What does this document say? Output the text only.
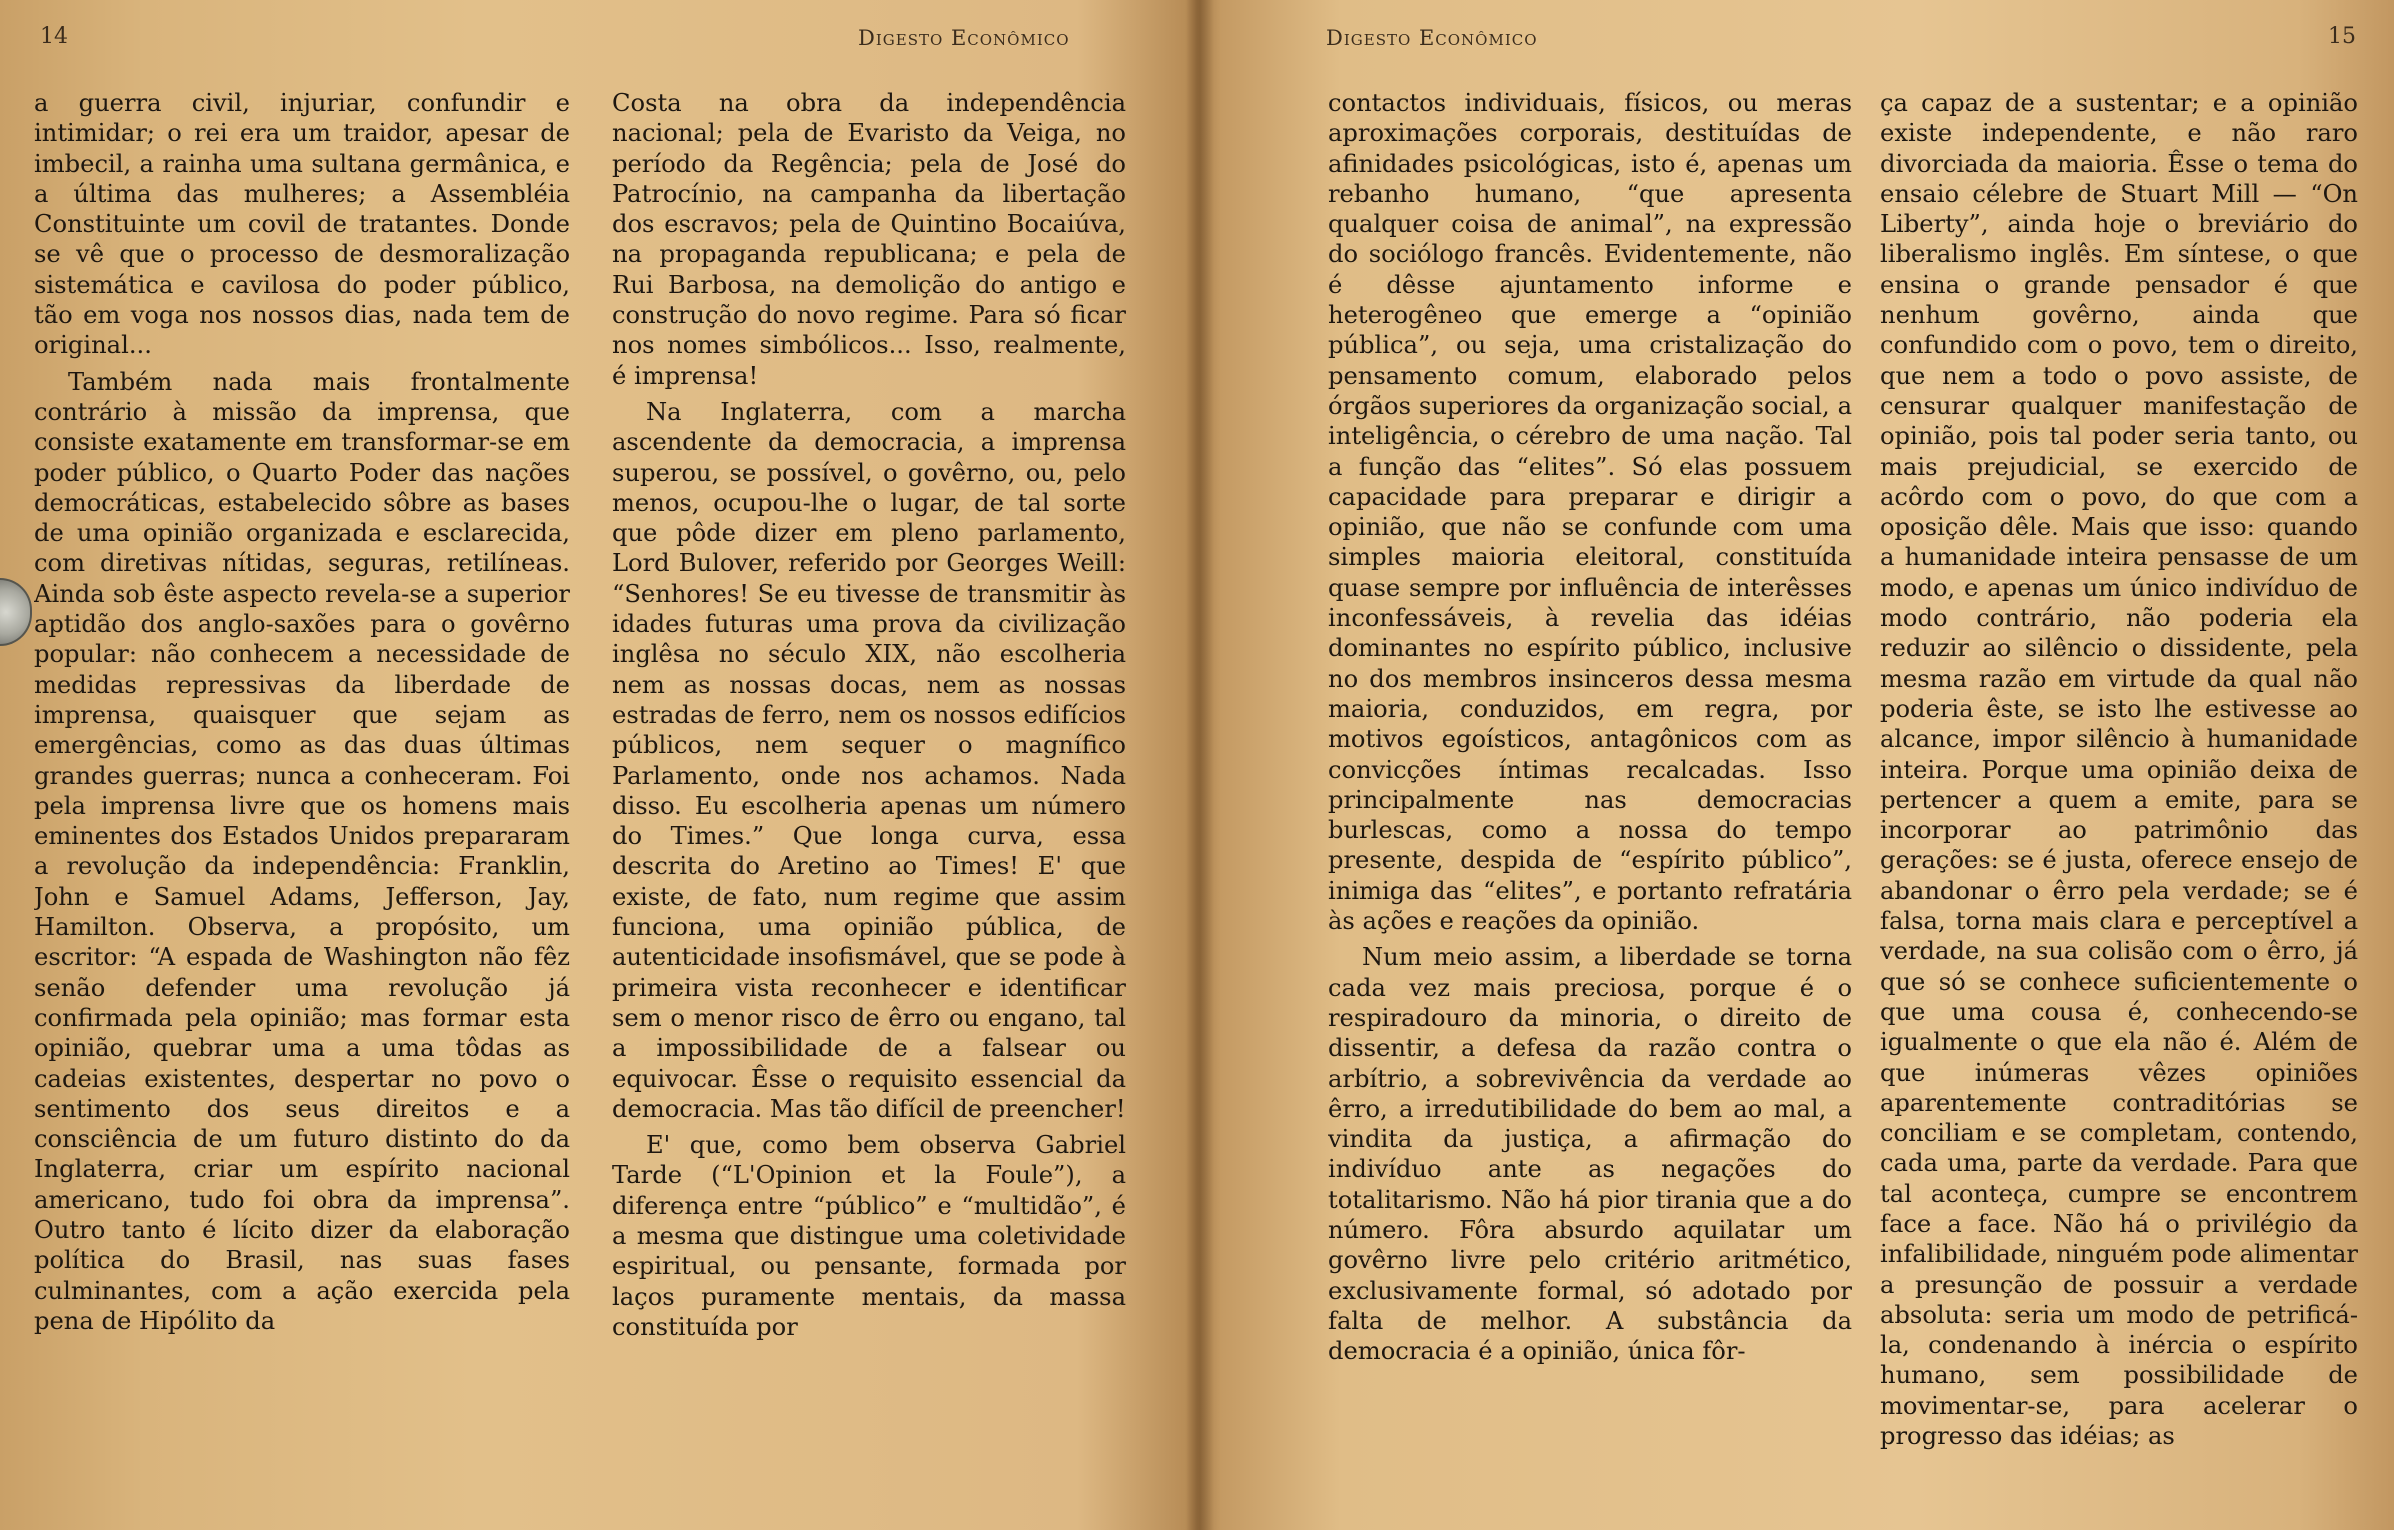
14	Digesto Econômico

a guerra civil, injuriar, confundir e intimidar; o rei era um traidor, apesar de imbecil, a rainha uma sultana germânica, e a última das mulheres; a Assembléia Constituinte um covil de tratantes. Donde se vê que o processo de desmoralização sistemática e cavilosa do poder público, tão em voga nos nossos dias, nada tem de original...

Também nada mais frontalmente contrário à missão da imprensa, que consiste exatamente em transformar-se em poder público, o Quarto Poder das nações democráticas, estabelecido sôbre as bases de uma opinião organizada e esclarecida, com diretivas nítidas, seguras, retilíneas. Ainda sob êste aspecto revela-se a superior aptidão dos anglo-saxões para o govêrno popular: não conhecem a necessidade de medidas repressivas da liberdade de imprensa, quaisquer que sejam as emergências, como as das duas últimas grandes guerras; nunca a conheceram. Foi pela imprensa livre que os homens mais eminentes dos Estados Unidos prepararam a revolução da independência: Franklin, John e Samuel Adams, Jefferson, Jay, Hamilton. Observa, a propósito, um escritor: “A espada de Washington não fêz senão defender uma revolução já confirmada pela opinião; mas formar esta opinião, quebrar uma a uma tôdas as cadeias existentes, despertar no povo o sentimento dos seus direitos e a consciência de um futuro distinto do da Inglaterra, criar um espírito nacional americano, tudo foi obra da imprensa”. Outro tanto é lícito dizer da elaboração política do Brasil, nas suas fases culminantes, com a ação exercida pela pena de Hipólito da

Costa na obra da independência nacional; pela de Evaristo da Veiga, no período da Regência; pela de José do Patrocínio, na campanha da libertação dos escravos; pela de Quintino Bocaiúva, na propaganda republicana; e pela de Rui Barbosa, na demolição do antigo e construção do novo regime. Para só ficar nos nomes simbólicos... Isso, realmente, é imprensa!

Na Inglaterra, com a marcha ascendente da democracia, a imprensa superou, se possível, o govêrno, ou, pelo menos, ocupou-lhe o lugar, de tal sorte que pôde dizer em pleno parlamento, Lord Bulover, referido por Georges Weill: “Senhores! Se eu tivesse de transmitir às idades futuras uma prova da civilização inglêsa no século XIX, não escolheria nem as nossas docas, nem as nossas estradas de ferro, nem os nossos edifícios públicos, nem sequer o magnífico Parlamento, onde nos achamos. Nada disso. Eu escolheria apenas um número do Times.” Que longa curva, essa descrita do Aretino ao Times! E' que existe, de fato, num regime que assim funciona, uma opinião pública, de autenticidade insofismável, que se pode à primeira vista reconhecer e identificar sem o menor risco de êrro ou engano, tal a impossibilidade de a falsear ou equivocar. Êsse o requisito essencial da democracia. Mas tão difícil de preencher!

E' que, como bem observa Gabriel Tarde (“L'Opinion et la Foule”), a diferença entre “público” e “multidão”, é a mesma que distingue uma coletividade espiritual, ou pensante, formada por laços puramente mentais, da massa constituída por

Digesto Econômico	15

contactos individuais, físicos, ou meras aproximações corporais, destituídas de afinidades psicológicas, isto é, apenas um rebanho humano, “que apresenta qualquer coisa de animal”, na expressão do sociólogo francês. Evidentemente, não é dêsse ajuntamento informe e heterogêneo que emerge a “opinião pública”, ou seja, uma cristalização do pensamento comum, elaborado pelos órgãos superiores da organização social, a inteligência, o cérebro de uma nação. Tal a função das “elites”. Só elas possuem capacidade para preparar e dirigir a opinião, que não se confunde com uma simples maioria eleitoral, constituída quase sempre por influência de interêsses inconfessáveis, à revelia das idéias dominantes no espírito público, inclusive no dos membros insinceros dessa mesma maioria, conduzidos, em regra, por motivos egoísticos, antagônicos com as convicções íntimas recalcadas. Isso principalmente nas democracias burlescas, como a nossa do tempo presente, despida de “espírito público”, inimiga das “elites”, e portanto refratária às ações e reações da opinião.

Num meio assim, a liberdade se torna cada vez mais preciosa, porque é o respiradouro da minoria, o direito de dissentir, a defesa da razão contra o arbítrio, a sobrevivência da verdade ao êrro, a irredutibilidade do bem ao mal, a vindita da justiça, a afirmação do indivíduo ante as negações do totalitarismo. Não há pior tirania que a do número. Fôra absurdo aquilatar um govêrno livre pelo critério aritmético, exclusivamente formal, só adotado por falta de melhor. A substância da democracia é a opinião, única fôr-

ça capaz de a sustentar; e a opinião existe independente, e não raro divorciada da maioria. Êsse o tema do ensaio célebre de Stuart Mill — “On Liberty”, ainda hoje o breviário do liberalismo inglês. Em síntese, o que ensina o grande pensador é que nenhum govêrno, ainda que confundido com o povo, tem o direito, que nem a todo o povo assiste, de censurar qualquer manifestação de opinião, pois tal poder seria tanto, ou mais prejudicial, se exercido de acôrdo com o povo, do que com a oposição dêle. Mais que isso: quando a humanidade inteira pensasse de um modo, e apenas um único indivíduo de modo contrário, não poderia ela reduzir ao silêncio o dissidente, pela mesma razão em virtude da qual não poderia êste, se isto lhe estivesse ao alcance, impor silêncio à humanidade inteira. Porque uma opinião deixa de pertencer a quem a emite, para se incorporar ao patrimônio das gerações: se é justa, oferece ensejo de abandonar o êrro pela verdade; se é falsa, torna mais clara e perceptível a verdade, na sua colisão com o êrro, já que só se conhece suficientemente o que uma cousa é, conhecendo-se igualmente o que ela não é. Além de que inúmeras vêzes opiniões aparentemente contraditórias se conciliam e se completam, contendo, cada uma, parte da verdade. Para que tal aconteça, cumpre se encontrem face a face. Não há o privilégio da infalibilidade, ninguém pode alimentar a presunção de possuir a verdade absoluta: seria um modo de petrificá-la, condenando à inércia o espírito humano, sem possibilidade de movimentar-se, para acelerar o progresso das idéias; as
